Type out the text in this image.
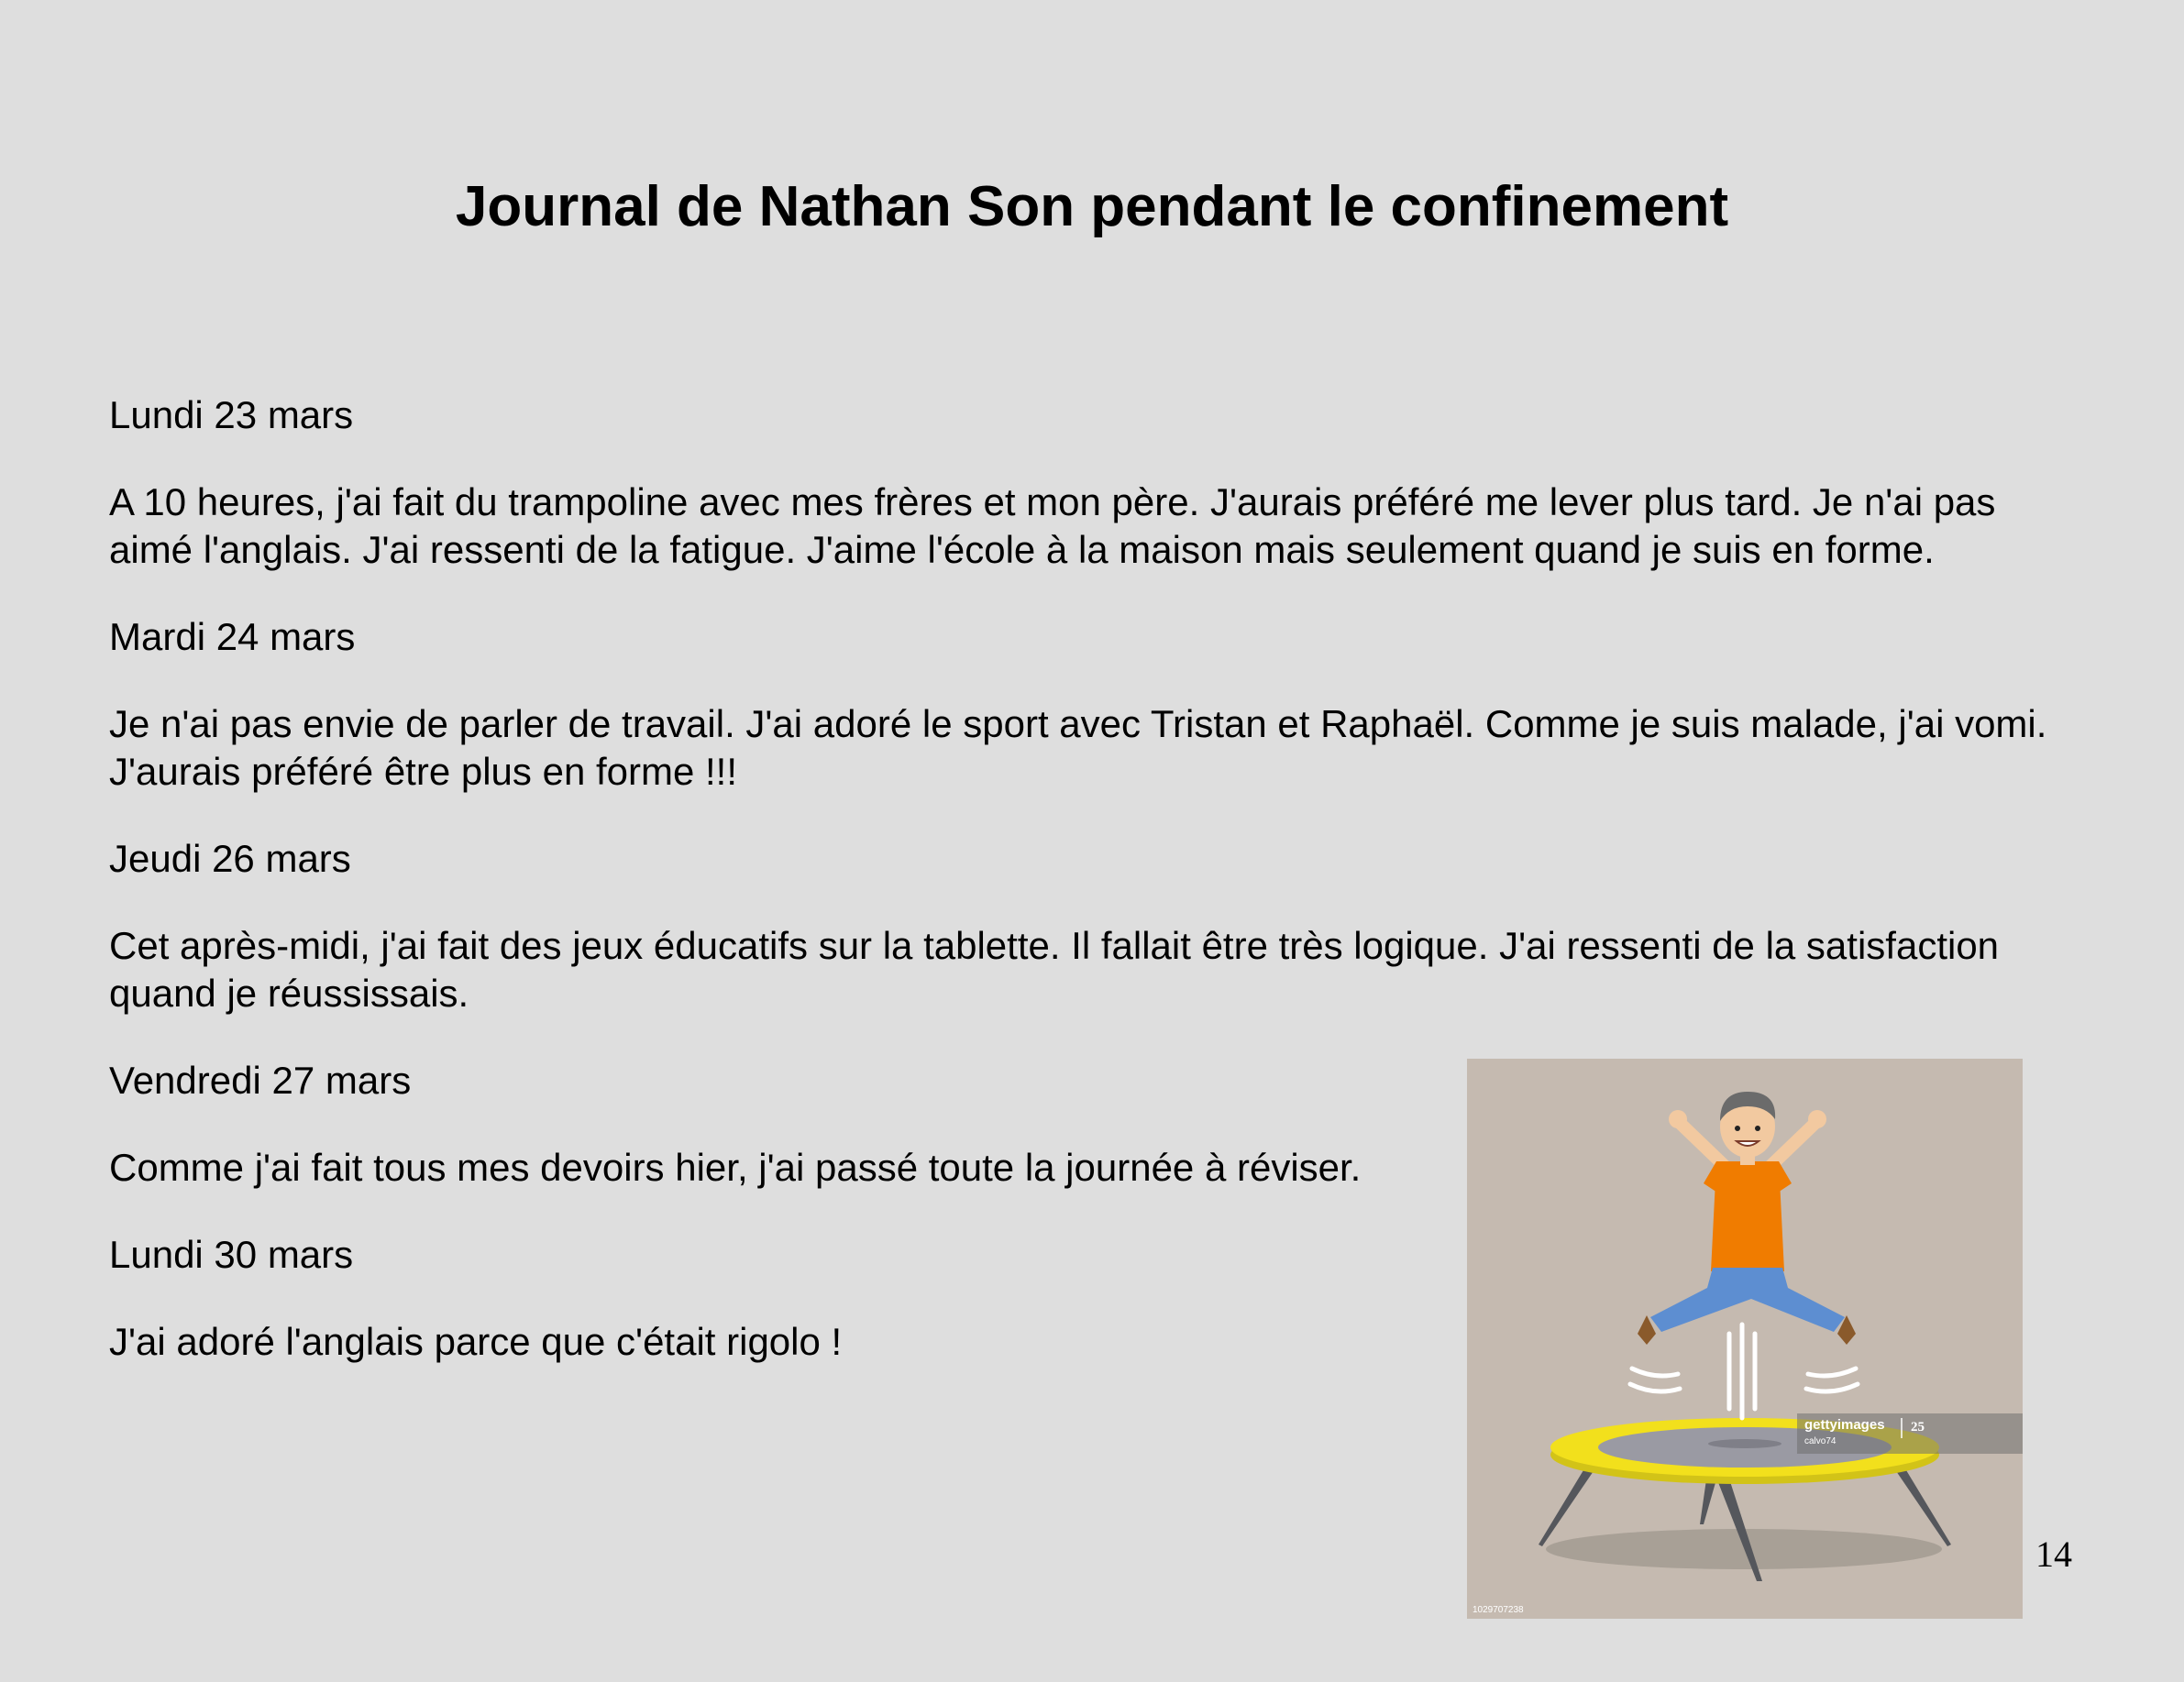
Journal de Nathan Son pendant le confinement

Lundi 23 mars

A 10 heures, j'ai fait du trampoline avec mes frères et mon père. J'aurais préféré me lever plus tard. Je n'ai pas aimé l'anglais. J'ai ressenti de la fatigue. J'aime l'école à la maison mais seulement quand je suis en forme.

Mardi 24 mars

Je n'ai pas envie de parler de travail. J'ai adoré le sport avec Tristan et Raphaël. Comme je suis malade, j'ai vomi. J'aurais préféré être plus en forme !!!

Jeudi 26 mars

Cet après-midi, j'ai fait des jeux éducatifs sur la tablette. Il fallait être très logique. J'ai ressenti de la satisfaction quand je réussissais.

Vendredi 27 mars

Comme j'ai fait tous mes devoirs hier, j'ai passé toute la journée à réviser.

Lundi 30 mars

J'ai adoré l'anglais parce que c'était rigolo !

gettyimages 25
calvo74
1029707238

14
